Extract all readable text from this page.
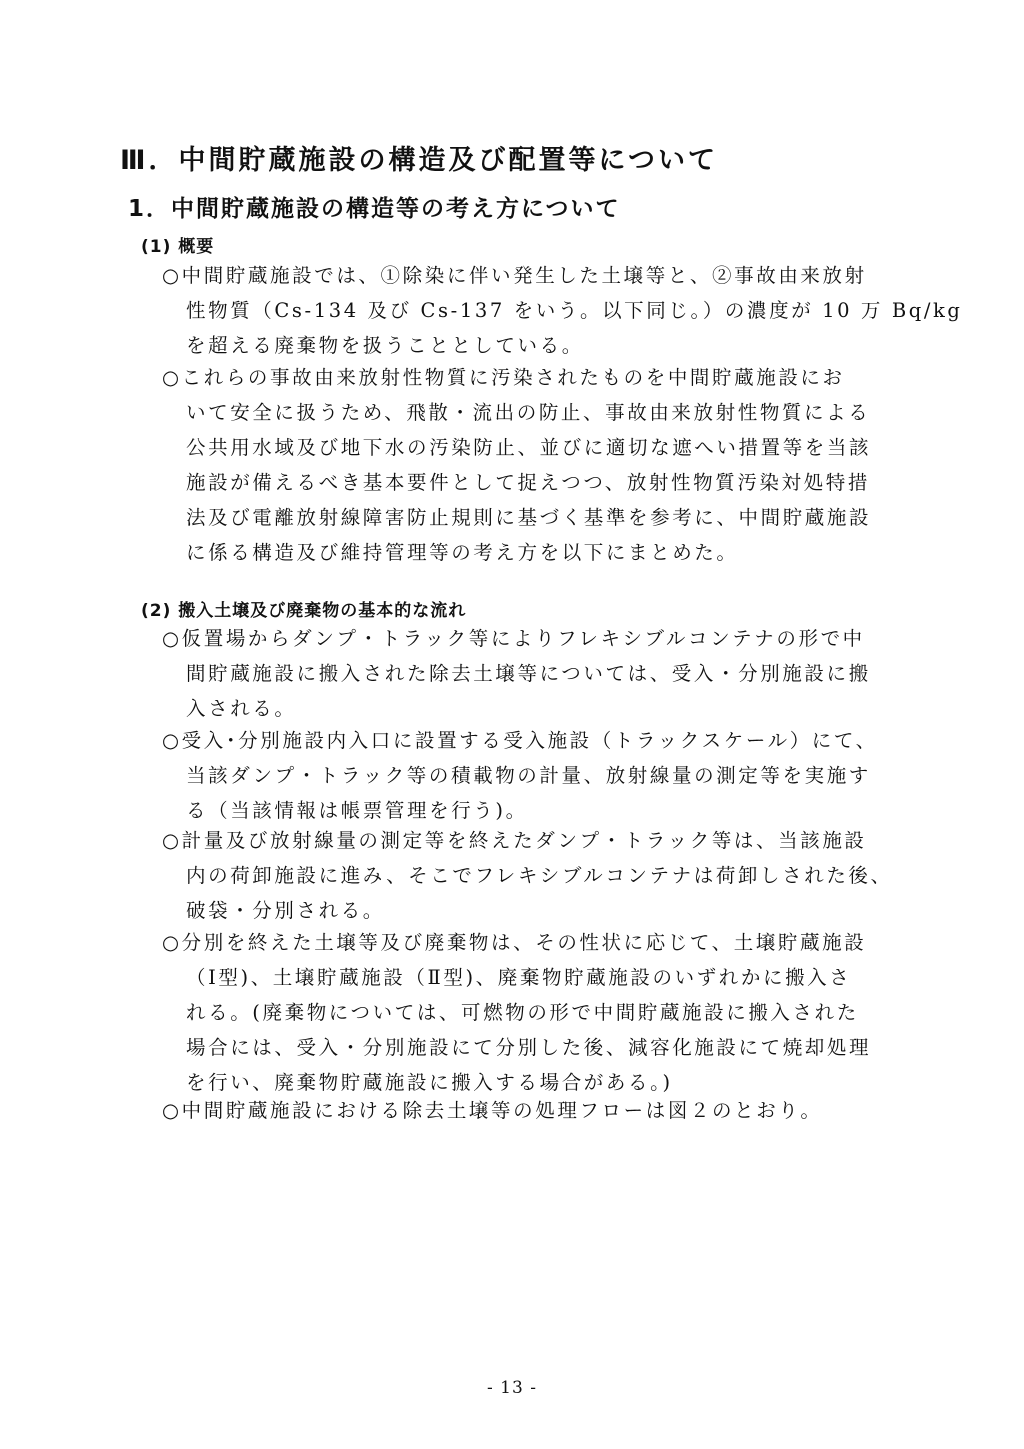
Ⅲ．中間貯蔵施設の構造及び配置等について
1．中間貯蔵施設の構造等の考え方について
(1) 概要
○中間貯蔵施設では、①除染に伴い発生した土壌等と、②事故由来放射
性物質（Cs-134 及び Cs-137 をいう。以下同じ。）の濃度が 10 万 Bq/kg
を超える廃棄物を扱うこととしている。
○これらの事故由来放射性物質に汚染されたものを中間貯蔵施設にお
いて安全に扱うため、飛散・流出の防止、事故由来放射性物質による
公共用水域及び地下水の汚染防止、並びに適切な遮へい措置等を当該
施設が備えるべき基本要件として捉えつつ、放射性物質汚染対処特措
法及び電離放射線障害防止規則に基づく基準を参考に、中間貯蔵施設
に係る構造及び維持管理等の考え方を以下にまとめた。
(2) 搬入土壌及び廃棄物の基本的な流れ
○仮置場からダンプ・トラック等によりフレキシブルコンテナの形で中
間貯蔵施設に搬入された除去土壌等については、受入・分別施設に搬
入される。
○受入･分別施設内入口に設置する受入施設（トラックスケール）にて、
当該ダンプ・トラック等の積載物の計量、放射線量の測定等を実施す
る（当該情報は帳票管理を行う)。
○計量及び放射線量の測定等を終えたダンプ・トラック等は、当該施設
内の荷卸施設に進み、そこでフレキシブルコンテナは荷卸しされた後、
破袋・分別される。
○分別を終えた土壌等及び廃棄物は、その性状に応じて、土壌貯蔵施設
（Ⅰ型)、土壌貯蔵施設（Ⅱ型)、廃棄物貯蔵施設のいずれかに搬入さ
れる。(廃棄物については、可燃物の形で中間貯蔵施設に搬入された
場合には、受入・分別施設にて分別した後、減容化施設にて焼却処理
を行い、廃棄物貯蔵施設に搬入する場合がある。)
○中間貯蔵施設における除去土壌等の処理フローは図２のとおり。
- 13 -
